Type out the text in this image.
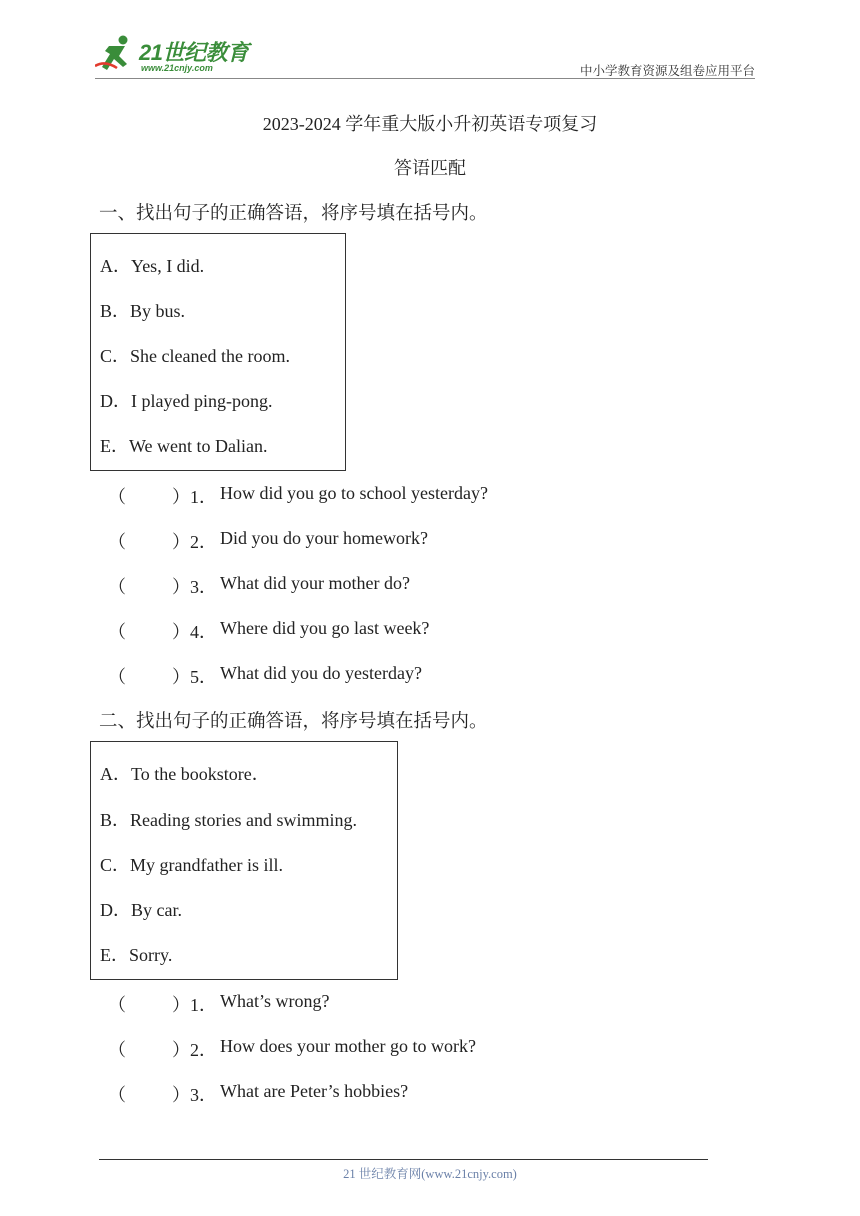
21世纪教育
www.21cnjy.com	中小学教育资源及组卷应用平台
2023-2024 学年重大版小升初英语专项复习
答语匹配
一、找出句子的正确答语，将序号填在括号内。
A．Yes, I did.
B．By bus.
C．She cleaned the room.
D．I played ping-pong.
E．We went to Dalian.
（	） 1． How did you go to school yesterday?
（	） 2． Did you do your homework?
（	） 3． What did your mother do?
（	） 4． Where did you go last week?
（	） 5． What did you do yesterday?
二、找出句子的正确答语，将序号填在括号内。
A．To the bookstore．
B．Reading stories and swimming.
C．My grandfather is ill.
D．By car.
E．Sorry.
（	） 1． What’s wrong?
（	） 2． How does your mother go to work?
（	） 3． What are Peter’s hobbies?
21 世纪教育网(www.21cnjy.com)
